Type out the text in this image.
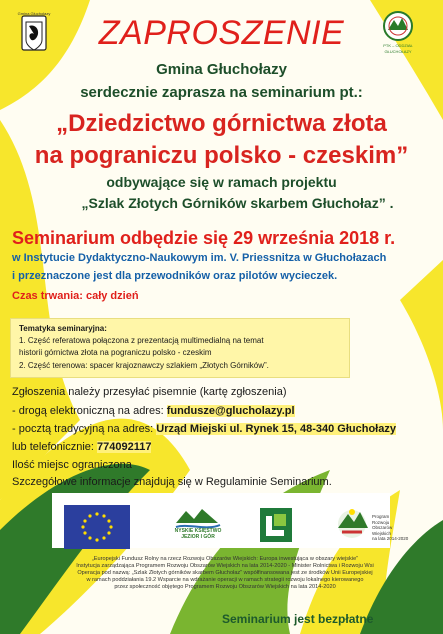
Gmina Głuchołazy
ZAPROSZENIE	PTK – ODDZIAŁ
GŁUCHOŁAZY
Gmina Głuchołazy
serdecznie zaprasza na seminarium pt.:
„Dziedzictwo górnictwa złota
na pograniczu polsko - czeskim”
odbywające się w ramach projektu
„Szlak Złotych Górników skarbem Głuchołaz” .
Seminarium odbędzie się 29 września 2018 r.
w Instytucie Dydaktyczno-Naukowym im. V. Priessnitza w Głuchołazach
i przeznaczone jest dla przewodników oraz pilotów wycieczek.
Czas trwania: cały dzień
Tematyka seminaryjna:
1. Część referatowa połączona z prezentacją multimedialną na temat
historii górnictwa złota na pograniczu polsko - czeskim
2. Część terenowa: spacer krajoznawczy szlakiem „Złotych Górników”.
Zgłoszenia należy przesyłać pisemnie (kartę zgłoszenia)
- drogą elektroniczną na adres: fundusze@glucholazy.pl
- pocztą tradycyjną na adres: Urząd Miejski ul. Rynek 15, 48-340 Głuchołazy
lub telefonicznie: 774092117
Ilość miejsc ograniczona
Szczegółowe informacje znajdują się w Regulaminie Seminarium.
NYSKIE KSIĘSTWO
JEZIOR I GÓR
Program
Rozwoju
Obszarów
Wiejskich
na lata 2014-2020
„Europejski Fundusz Rolny na rzecz Rozwoju Obszarów Wiejskich: Europa inwestująca w obszary wiejskie”
Instytucja zarządzająca Programem Rozwoju Obszarów Wiejskich na lata 2014-2020 - Minister Rolnictwa i Rozwoju Wsi
Operacja pod nazwą: „Szlak Złotych górników skarbem Głuchołaz” współfinansowana jest ze środków Unii Europejskiej
w ramach poddziałania 19.2 Wsparcie na wdrażanie operacji w ramach strategii rozwoju lokalnego kierowanego
przez społeczność objętego Programem Rozwoju Obszarów Wiejskich na lata 2014-2020
Seminarium jest bezpłatne
